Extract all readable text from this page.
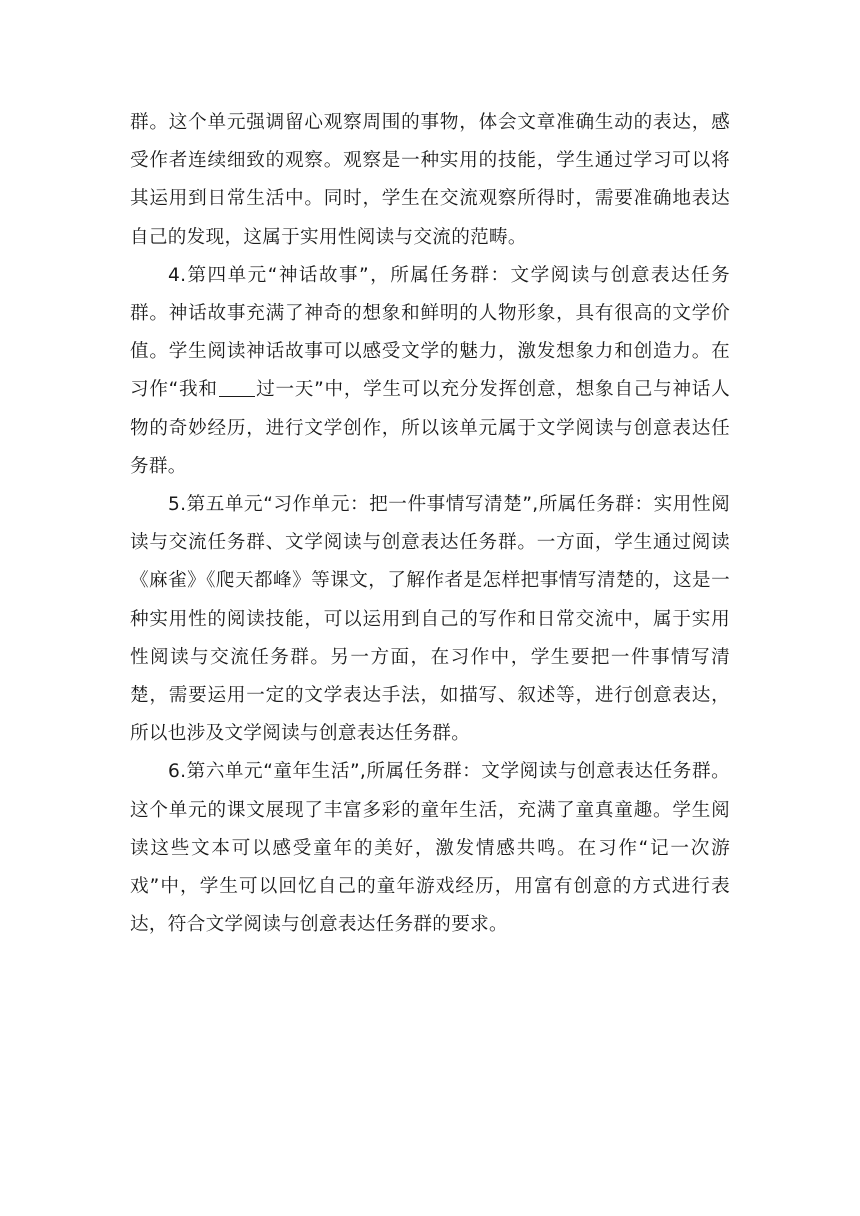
群。这个单元强调留心观察周围的事物，体会文章准确生动的表达，感受作者连续细致的观察。观察是一种实用的技能，学生通过学习可以将其运用到日常生活中。同时，学生在交流观察所得时，需要准确地表达自己的发现，这属于实用性阅读与交流的范畴。

4.第四单元“神话故事”，所属任务群：文学阅读与创意表达任务群。神话故事充满了神奇的想象和鲜明的人物形象，具有很高的文学价值。学生阅读神话故事可以感受文学的魅力，激发想象力和创造力。在习作“我和 过一天”中，学生可以充分发挥创意，想象自己与神话人物的奇妙经历，进行文学创作，所以该单元属于文学阅读与创意表达任务群。

5.第五单元“习作单元：把一件事情写清楚”,所属任务群：实用性阅读与交流任务群、文学阅读与创意表达任务群。一方面，学生通过阅读《麻雀》《爬天都峰》等课文，了解作者是怎样把事情写清楚的，这是一种实用性的阅读技能，可以运用到自己的写作和日常交流中，属于实用性阅读与交流任务群。另一方面，在习作中，学生要把一件事情写清楚，需要运用一定的文学表达手法，如描写、叙述等，进行创意表达，所以也涉及文学阅读与创意表达任务群。

6.第六单元“童年生活”,所属任务群：文学阅读与创意表达任务群。这个单元的课文展现了丰富多彩的童年生活，充满了童真童趣。学生阅读这些文本可以感受童年的美好，激发情感共鸣。在习作“记一次游戏”中，学生可以回忆自己的童年游戏经历，用富有创意的方式进行表达，符合文学阅读与创意表达任务群的要求。
